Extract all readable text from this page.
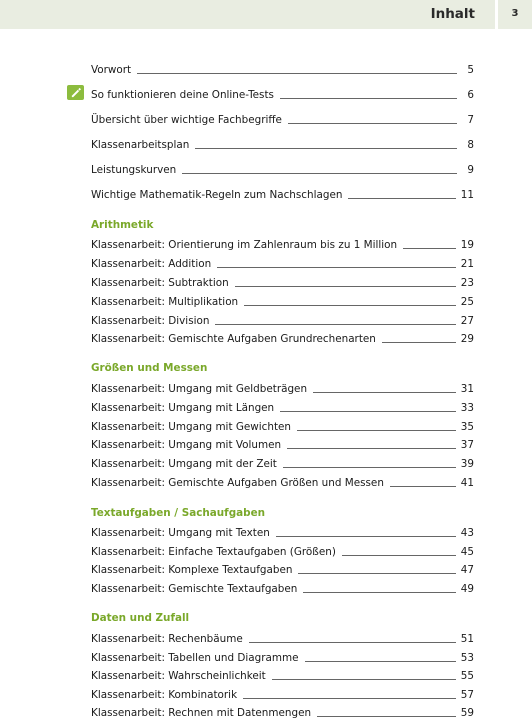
Inhalt	3
Vorwort	5
So funktionieren deine Online-Tests	6
Übersicht über wichtige Fachbegriffe	7
Klassenarbeitsplan	8
Leistungskurven	9
Wichtige Mathematik-Regeln zum Nachschlagen	11
Arithmetik
Klassenarbeit: Orientierung im Zahlenraum bis zu 1 Million	19
Klassenarbeit: Addition	21
Klassenarbeit: Subtraktion	23
Klassenarbeit: Multiplikation	25
Klassenarbeit: Division	27
Klassenarbeit: Gemischte Aufgaben Grundrechenarten	29
Größen und Messen
Klassenarbeit: Umgang mit Geldbeträgen	31
Klassenarbeit: Umgang mit Längen	33
Klassenarbeit: Umgang mit Gewichten	35
Klassenarbeit: Umgang mit Volumen	37
Klassenarbeit: Umgang mit der Zeit	39
Klassenarbeit: Gemischte Aufgaben Größen und Messen	41
Textaufgaben / Sachaufgaben
Klassenarbeit: Umgang mit Texten	43
Klassenarbeit: Einfache Textaufgaben (Größen)	45
Klassenarbeit: Komplexe Textaufgaben	47
Klassenarbeit: Gemischte Textaufgaben	49
Daten und Zufall
Klassenarbeit: Rechenbäume	51
Klassenarbeit: Tabellen und Diagramme	53
Klassenarbeit: Wahrscheinlichkeit	55
Klassenarbeit: Kombinatorik	57
Klassenarbeit: Rechnen mit Datenmengen	59
